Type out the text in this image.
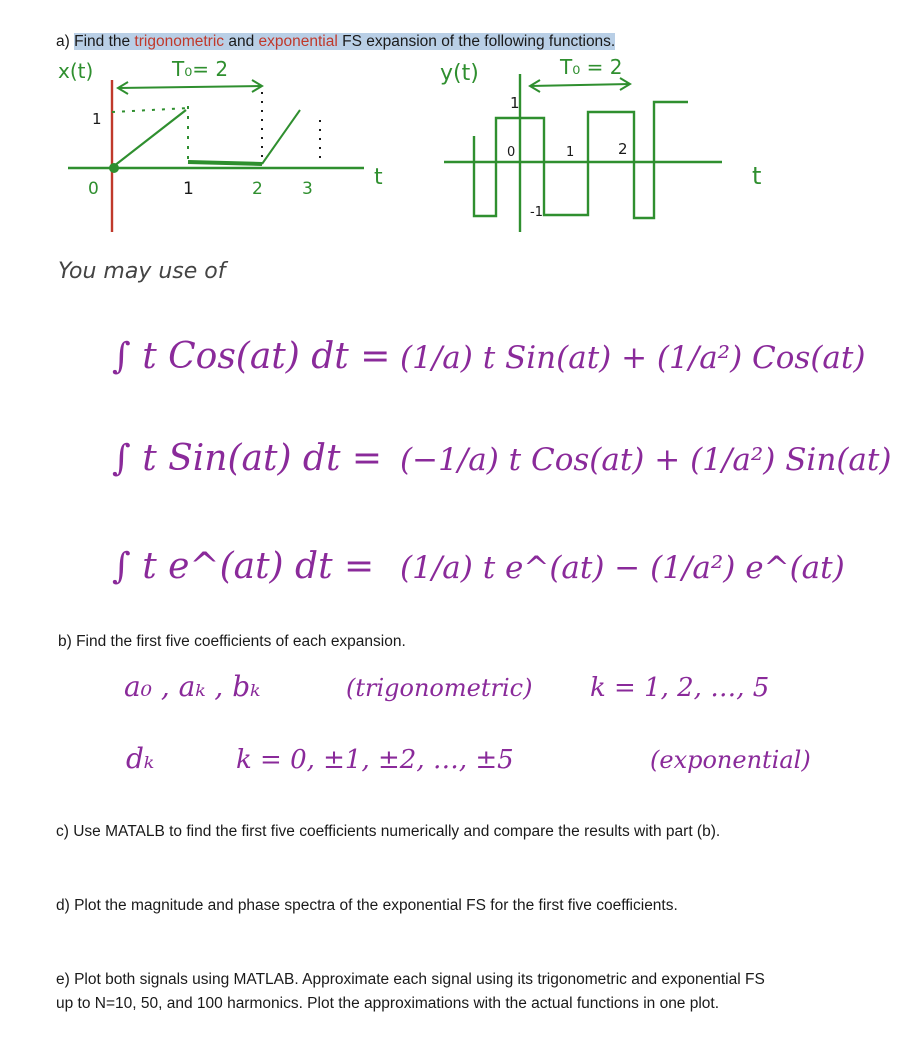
a) Find the trigonometric and exponential FS expansion of the following functions.
x(t)	T₀= 2
1
0	1	2 3	t
y(t)	T₀ = 2
1
0	1	2
-1
t
You may use of
∫ t Cos(at) dt = (1/a) t Sin(at) + (1/a²) Cos(at)
∫ t Sin(at) dt = (−1/a) t Cos(at) + (1/a²) Sin(at)
∫ t e^(at) dt = (1/a) t e^(at) − (1/a²) e^(at)
a₀ , aₖ , bₖ	(trigonometric) k = 1, 2, …, 5
dₖ	k = 0, ±1, ±2, …, ±5	(exponential)
b) Find the first five coefficients of each expansion.
c) Use MATALB to find the first five coefficients numerically and compare the results with part (b).
d) Plot the magnitude and phase spectra of the exponential FS for the first five coefficients.
e) Plot both signals using MATLAB. Approximate each signal using its trigonometric and exponential FS
up to N=10, 50, and 100 harmonics. Plot the approximations with the actual functions in one plot.
